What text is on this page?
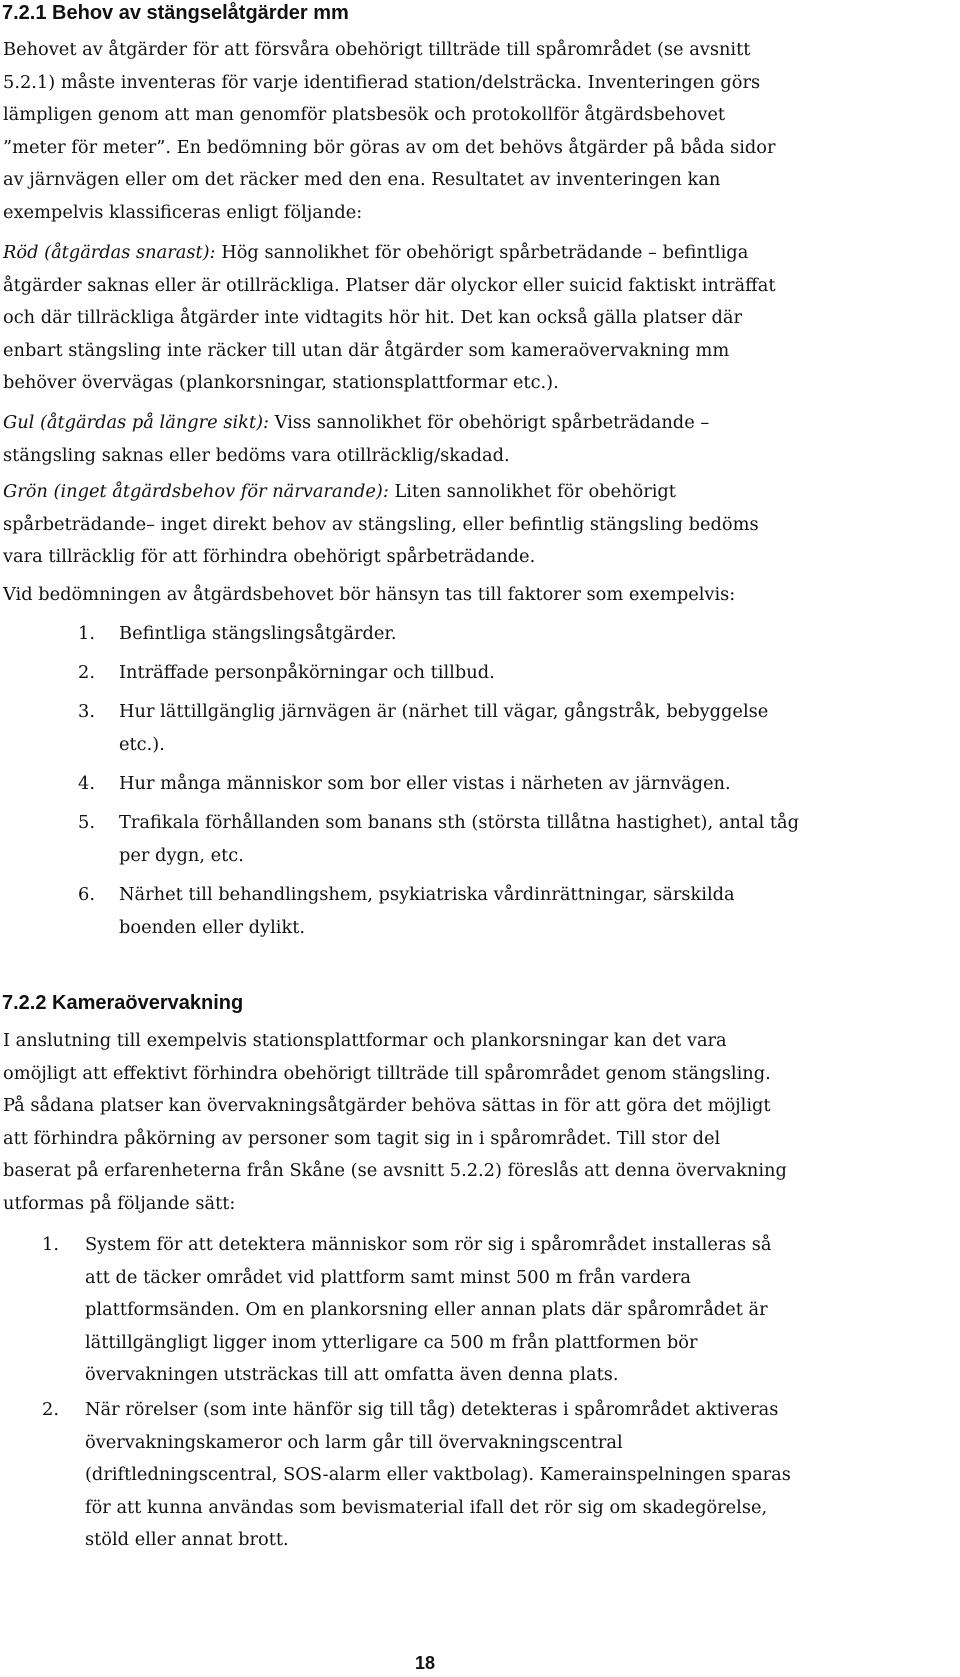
7.2.1 Behov av stängselåtgärder mm

Behovet av åtgärder för att försvåra obehörigt tillträde till spårområdet (se avsnitt
5.2.1) måste inventeras för varje identifierad station/delsträcka. Inventeringen görs
lämpligen genom att man genomför platsbesök och protokollför åtgärdsbehovet
”meter för meter”. En bedömning bör göras av om det behövs åtgärder på båda sidor
av järnvägen eller om det räcker med den ena. Resultatet av inventeringen kan
exempelvis klassificeras enligt följande:

Röd (åtgärdas snarast): Hög sannolikhet för obehörigt spårbeträdande – befintliga
åtgärder saknas eller är otillräckliga. Platser där olyckor eller suicid faktiskt inträffat
och där tillräckliga åtgärder inte vidtagits hör hit. Det kan också gälla platser där
enbart stängsling inte räcker till utan där åtgärder som kameraövervakning mm
behöver övervägas (plankorsningar, stationsplattformar etc.).

Gul (åtgärdas på längre sikt): Viss sannolikhet för obehörigt spårbeträdande –
stängsling saknas eller bedöms vara otillräcklig/skadad.

Grön (inget åtgärdsbehov för närvarande): Liten sannolikhet för obehörigt
spårbeträdande– inget direkt behov av stängsling, eller befintlig stängsling bedöms
vara tillräcklig för att förhindra obehörigt spårbeträdande.

Vid bedömningen av åtgärdsbehovet bör hänsyn tas till faktorer som exempelvis:

1. Befintliga stängslingsåtgärder.
2. Inträffade personpåkörningar och tillbud.
3. Hur lättillgänglig järnvägen är (närhet till vägar, gångstråk, bebyggelse
etc.).
4. Hur många människor som bor eller vistas i närheten av järnvägen.
5. Trafikala förhållanden som banans sth (största tillåtna hastighet), antal tåg
per dygn, etc.
6. Närhet till behandlingshem, psykiatriska vårdinrättningar, särskilda
boenden eller dylikt.
7.2.2 Kameraövervakning

I anslutning till exempelvis stationsplattformar och plankorsningar kan det vara
omöjligt att effektivt förhindra obehörigt tillträde till spårområdet genom stängsling.
På sådana platser kan övervakningsåtgärder behöva sättas in för att göra det möjligt
att förhindra påkörning av personer som tagit sig in i spårområdet. Till stor del
baserat på erfarenheterna från Skåne (se avsnitt 5.2.2) föreslås att denna övervakning
utformas på följande sätt:

1. System för att detektera människor som rör sig i spårområdet installeras så
att de täcker området vid plattform samt minst 500 m från vardera
plattformsänden. Om en plankorsning eller annan plats där spårområdet är
lättillgängligt ligger inom ytterligare ca 500 m från plattformen bör
övervakningen utsträckas till att omfatta även denna plats.
2. När rörelser (som inte hänför sig till tåg) detekteras i spårområdet aktiveras
övervakningskameror och larm går till övervakningscentral
(driftledningscentral, SOS-alarm eller vaktbolag). Kamerainspelningen sparas
för att kunna användas som bevismaterial ifall det rör sig om skadegörelse,
stöld eller annat brott.
18
